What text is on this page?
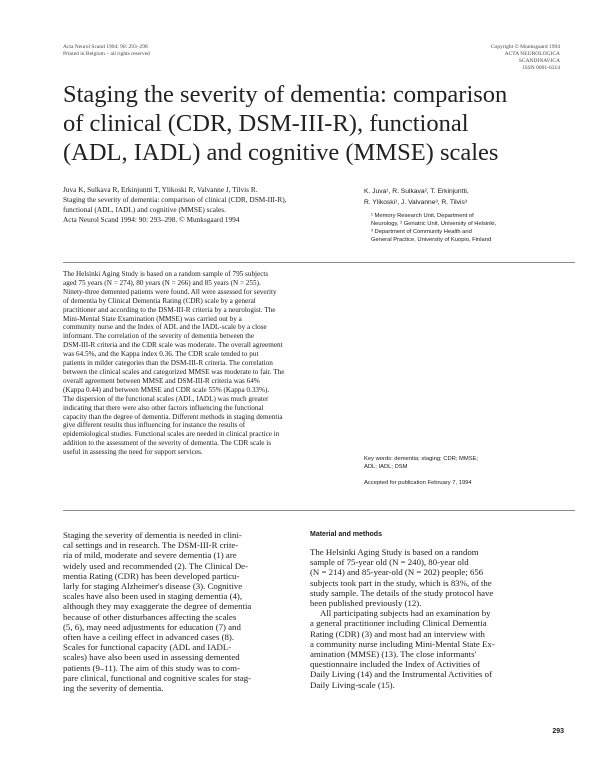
Acta Neurol Scand 1994: 90: 293–298
Printed in Belgium – all rights reserved
Copyright © Munksgaard 1994
ACTA NEUROLOGICA
SCANDINAVICA
ISSN 0001-6314
Staging the severity of dementia: comparison
of clinical (CDR, DSM-III-R), functional
(ADL, IADL) and cognitive (MMSE) scales
Juva K, Sulkava R, Erkinjuntti T, Ylikoski R, Valvanne J, Tilvis R.
Staging the severity of dementia: comparison of clinical (CDR, DSM-III-R),
functional (ADL, IADL) and cognitive (MMSE) scales.
Acta Neurol Scand 1994: 90: 293–298. © Munksgaard 1994
K. Juva¹, R. Sulkava², T. Erkinjuntti,
R. Ylikoski¹, J. Valvanne³, R. Tilvis³
¹ Memory Research Unit, Department of
Neurology, ² Geriatric Unit, University of Helsinki,
³ Department of Community Health and
General Practice, University of Kuopio, Finland
The Helsinki Aging Study is based on a random sample of 795 subjects
aged 75 years (N = 274), 80 years (N = 266) and 85 years (N = 255).
Ninety-three demented patients were found. All were assessed for severity
of dementia by Clinical Dementia Rating (CDR) scale by a general
practitioner and according to the DSM-III-R criteria by a neurologist. The
Mini-Mental State Examination (MMSE) was carried out by a
community nurse and the Index of ADL and the IADL-scale by a close
informant. The correlation of the severity of dementia between the
DSM-III-R criteria and the CDR scale was moderate. The overall agreement
was 64.5%, and the Kappa index 0.36. The CDR scale tended to put
patients in milder categories than the DSM-III-R criteria. The correlation
between the clinical scales and categorized MMSE was moderate to fair. The
overall agreement between MMSE and DSM-III-R criteria was 64%
(Kappa 0.44) and between MMSE and CDR scale 55% (Kappa 0.33%).
The dispersion of the functional scales (ADL, IADL) was much greater
indicating that there were also other factors influencing the functional
capacity than the degree of dementia. Different methods in staging dementia
give different results thus influencing for instance the results of
epidemiological studies. Functional scales are needed in clinical practice in
addition to the assessment of the severity of dementia. The CDR scale is
useful in assessing the need for support services.
Key words: dementia; staging; CDR; MMSE;
ADL; IADL; DSM
Accepted for publication February 7, 1994
Staging the severity of dementia is needed in clini-
cal settings and in research. The DSM-III-R crite-
ria of mild, moderate and severe dementia (1) are
widely used and recommended (2). The Clinical De-
mentia Rating (CDR) has been developed particu-
larly for staging Alzheimer's disease (3). Cognitive
scales have also been used in staging dementia (4),
although they may exaggerate the degree of dementia
because of other disturbances affecting the scales
(5, 6), may need adjustments for education (7) and
often have a ceiling effect in advanced cases (8).
Scales for functional capacity (ADL and IADL-
scales) have also been used in assessing demented
patients (9–11). The aim of this study was to com-
pare clinical, functional and cognitive scales for stag-
ing the severity of dementia.
Material and methods
The Helsinki Aging Study is based on a random
sample of 75-year old (N = 240), 80-year old
(N = 214) and 85-year-old (N = 202) people; 656
subjects took part in the study, which is 83%, of the
study sample. The details of the study protocol have
been published previously (12).
All participating subjects had an examination by
a general practitioner including Clinical Dementia
Rating (CDR) (3) and most had an interview with
a community nurse including Mini-Mental State Ex-
amination (MMSE) (13). The close informants'
questionnaire included the Index of Activities of
Daily Living (14) and the Instrumental Activities of
Daily Living-scale (15).
293
